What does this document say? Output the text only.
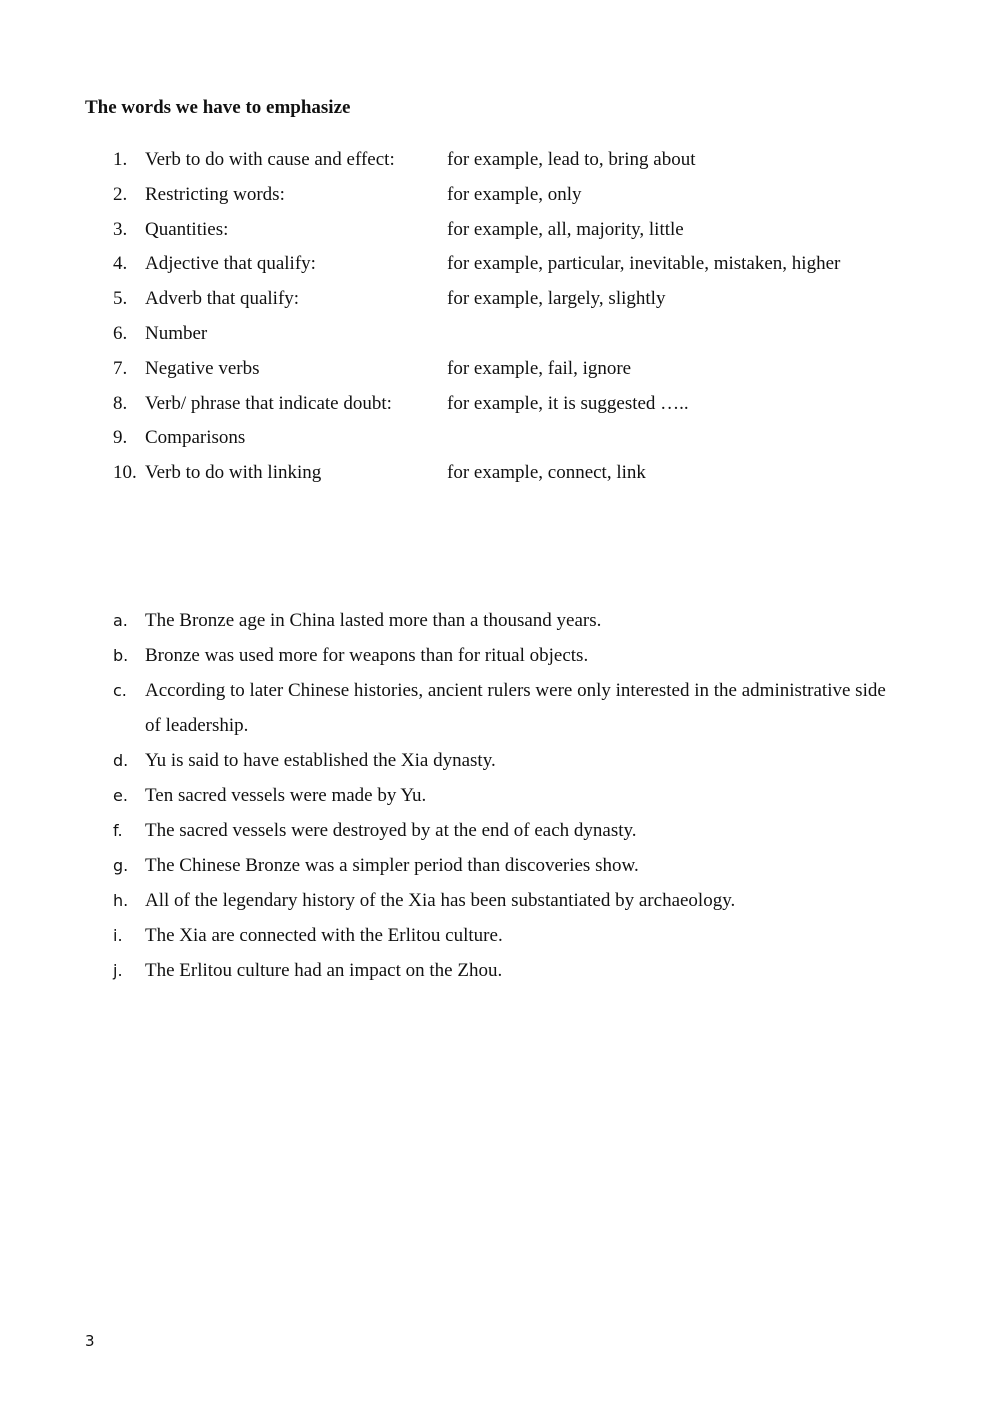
The words we have to emphasize
1. Verb to do with cause and effect:	for example, lead to, bring about
2. Restricting words:	for example, only
3. Quantities:	for example, all, majority, little
4. Adjective that qualify:	for example, particular, inevitable, mistaken, higher
5. Adverb that qualify:	for example, largely, slightly
6. Number
7. Negative verbs	for example, fail, ignore
8. Verb/ phrase that indicate doubt:	for example, it is suggested …..
9. Comparisons
10. Verb to do with linking	for example, connect, link
a. The Bronze age in China lasted more than a thousand years.
b. Bronze was used more for weapons than for ritual objects.
c. According to later Chinese histories, ancient rulers were only interested in the administrative side of leadership.
d. Yu is said to have established the Xia dynasty.
e. Ten sacred vessels were made by Yu.
f. The sacred vessels were destroyed by at the end of each dynasty.
g. The Chinese Bronze was a simpler period than discoveries show.
h. All of the legendary history of the Xia has been substantiated by archaeology.
i. The Xia are connected with the Erlitou culture.
j. The Erlitou culture had an impact on the Zhou.
3
